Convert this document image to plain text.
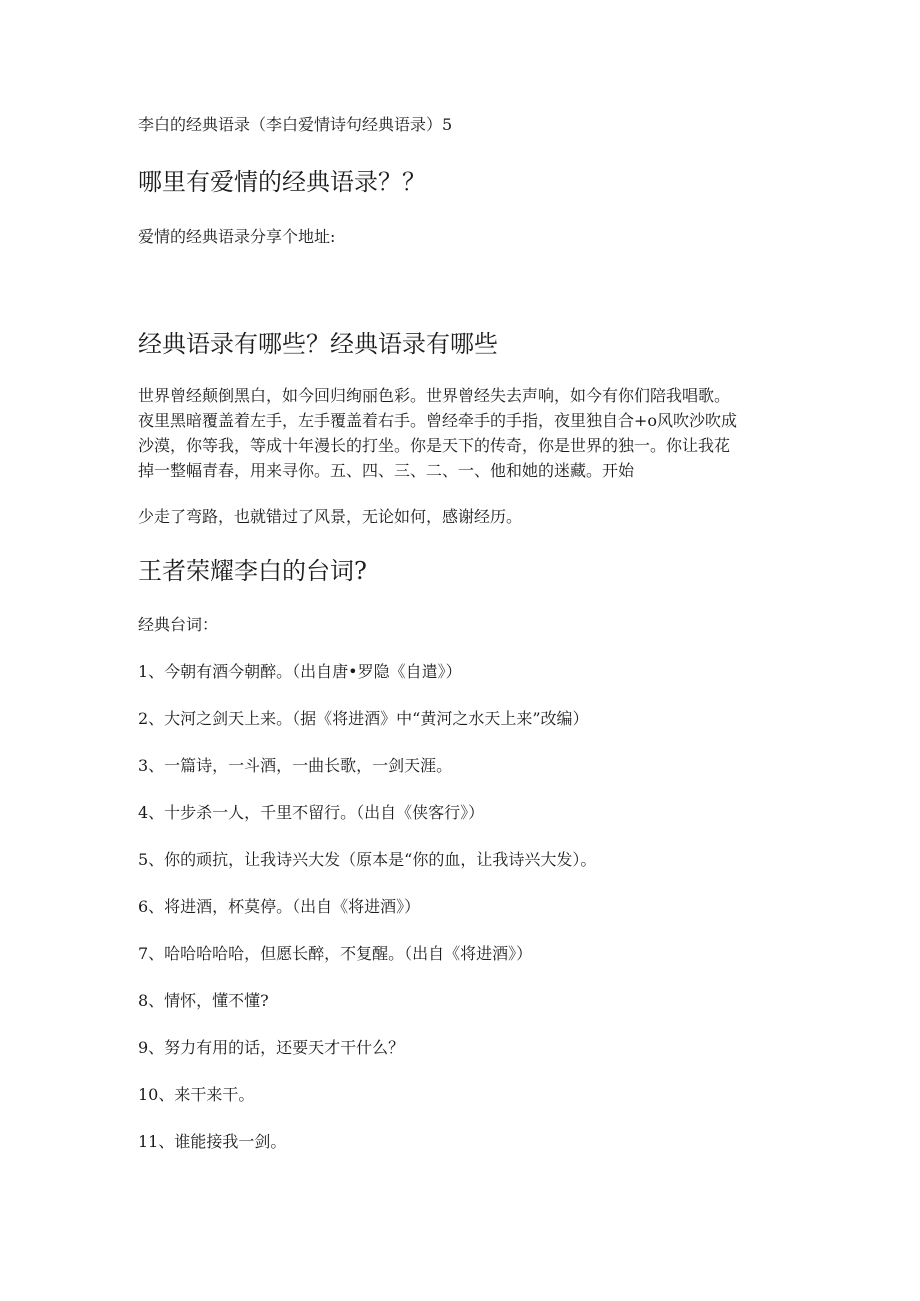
李白的经典语录（李白爱情诗句经典语录）5
哪里有爱情的经典语录？？

爱情的经典语录分享个地址:

经典语录有哪些？经典语录有哪些
世界曾经颠倒黑白，如今回归绚丽色彩。世界曾经失去声响，如今有你们陪我唱歌。
夜里黑暗覆盖着左手，左手覆盖着右手。曾经牵手的手指，夜里独自合+o风吹沙吹成
沙漠，你等我，等成十年漫长的打坐。你是天下的传奇，你是世界的独一。你让我花
掉一整幅青春，用来寻你。五、四、三、二、一、他和她的迷藏。开始

少走了弯路，也就错过了风景，无论如何，感谢经历。

王者荣耀李白的台词?

经典台词：

1、今朝有酒今朝醉。（出自唐•罗隐《自遣》）

2、大河之剑天上来。（据《将进酒》中“黄河之水天上来”改编）

3、一篇诗，一斗酒，一曲长歌，一剑天涯。

4、十步杀一人，千里不留行。（出自《侠客行》）

5、你的顽抗，让我诗兴大发（原本是“你的血，让我诗兴大发）。

6、将进酒，杯莫停。（出自《将进酒》）

7、哈哈哈哈哈，但愿长醉，不复醒。（出自《将进酒》）

8、情怀，懂不懂?

9、努力有用的话，还要天才干什么？

10、来干来干。

11、谁能接我一剑。
